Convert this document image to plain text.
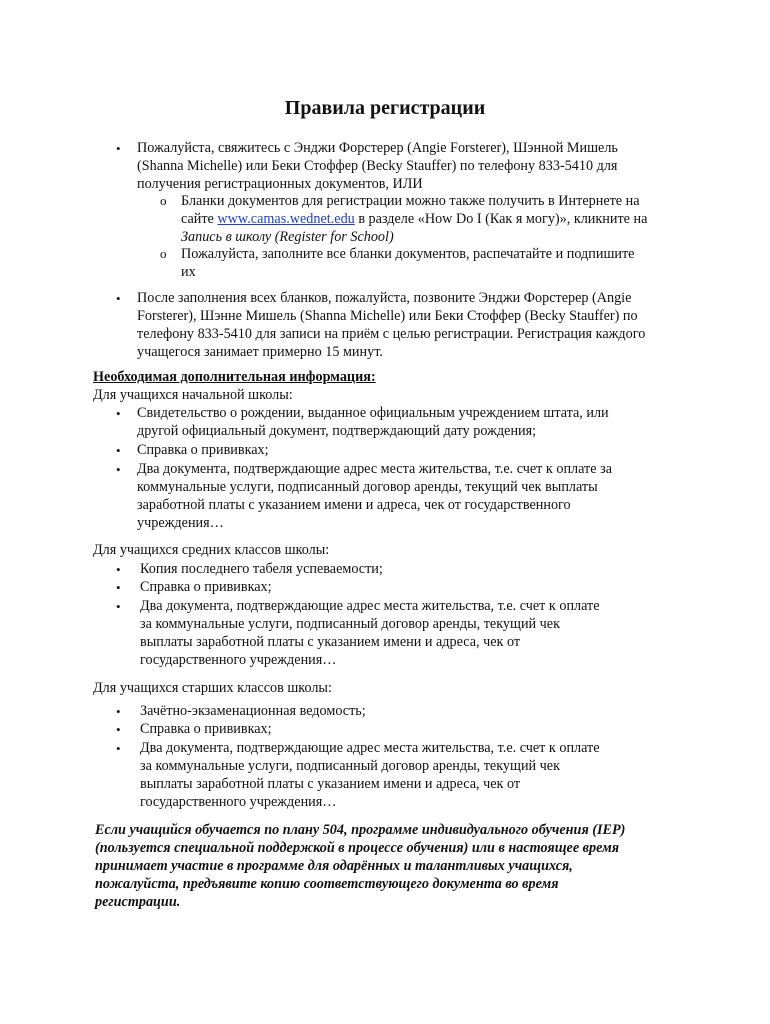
Правила регистрации
• Пожалуйста, свяжитесь с Энджи Форстерер (Angie Forsterer), Шэнной Мишель
(Shanna Michelle) или Беки Стоффер (Becky Stauffer) по телефону 833-5410 для
получения регистрационных документов, ИЛИ
o Бланки документов для регистрации можно также получить в Интернете на
сайте www.camas.wednet.edu в разделе «How Do I (Как я могу)», кликните на
Запись в школу (Register for School)
o Пожалуйста, заполните все бланки документов, распечатайте и подпишите
их
• После заполнения всех бланков, пожалуйста, позвоните Энджи Форстерер (Angie
Forsterer), Шэнне Мишель (Shanna Michelle) или Беки Стоффер (Becky Stauffer) по
телефону 833-5410 для записи на приём с целью регистрации. Регистрация каждого
учащегося занимает примерно 15 минут.
Необходимая дополнительная информация:
Для учащихся начальной школы:
• Свидетельство о рождении, выданное официальным учреждением штата, или
другой официальный документ, подтверждающий дату рождения;
• Справка о прививках;
• Два документа, подтверждающие адрес места жительства, т.е. счет к оплате за
коммунальные услуги, подписанный договор аренды, текущий чек выплаты
заработной платы с указанием имени и адреса, чек от государственного
учреждения…
Для учащихся средних классов школы:
• Копия последнего табеля успеваемости;
• Справка о прививках;
• Два документа, подтверждающие адрес места жительства, т.е. счет к оплате
за коммунальные услуги, подписанный договор аренды, текущий чек
выплаты заработной платы с указанием имени и адреса, чек от
государственного учреждения…
Для учащихся старших классов школы:
• Зачётно-экзаменационная ведомость;
• Справка о прививках;
• Два документа, подтверждающие адрес места жительства, т.е. счет к оплате
за коммунальные услуги, подписанный договор аренды, текущий чек
выплаты заработной платы с указанием имени и адреса, чек от
государственного учреждения…
Если учащийся обучается по плану 504, программе индивидуального обучения (IEP)
(пользуется специальной поддержкой в процессе обучения) или в настоящее время
принимает участие в программе для одарённых и талантливых учащихся,
пожалуйста, предъявите копию соответствующего документа во время
регистрации.
